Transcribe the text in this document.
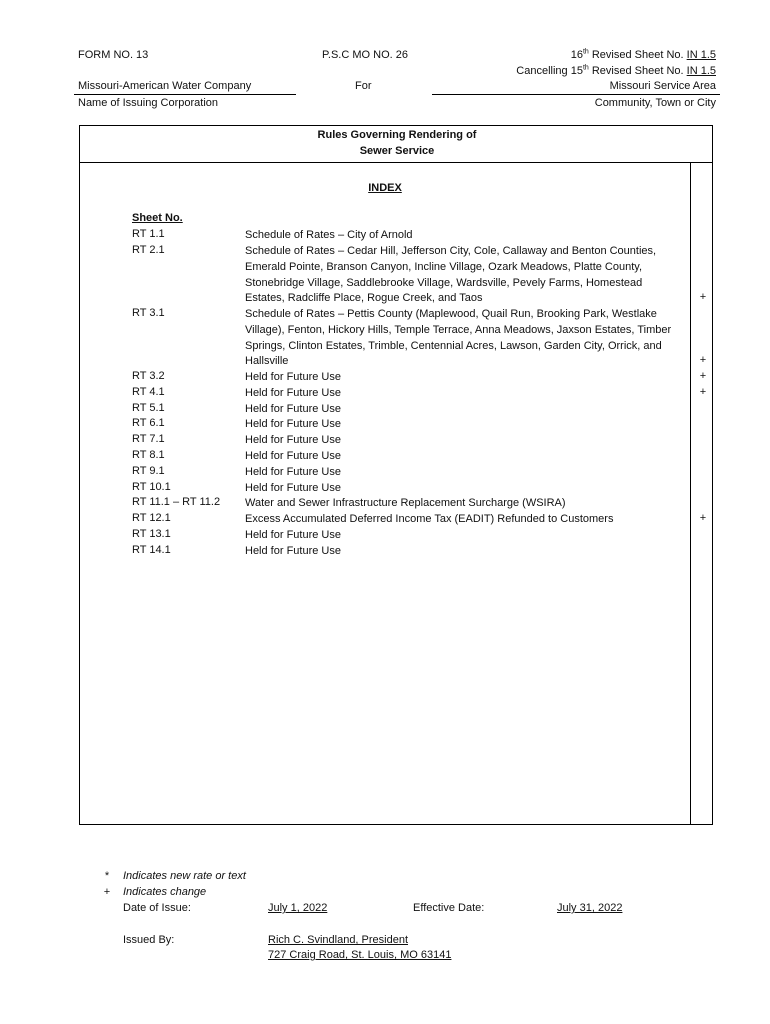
FORM NO. 13	P.S.C MO NO. 26	16th Revised Sheet No. IN 1.5
Cancelling 15th Revised Sheet No. IN 1.5
Missouri-American Water Company	For	Missouri Service Area
Name of Issuing Corporation	Community, Town or City
Rules Governing Rendering of
Sewer Service
INDEX
Sheet No.
RT 1.1	Schedule of Rates – City of Arnold
RT 2.1	Schedule of Rates – Cedar Hill, Jefferson City, Cole, Callaway and Benton Counties, Emerald Pointe, Branson Canyon, Incline Village, Ozark Meadows, Platte County, Stonebridge Village, Saddlebrooke Village, Wardsville, Pevely Farms, Homestead Estates, Radcliffe Place, Rogue Creek, and Taos	+
RT 3.1	Schedule of Rates – Pettis County (Maplewood, Quail Run, Brooking Park, Westlake Village), Fenton, Hickory Hills, Temple Terrace, Anna Meadows, Jaxson Estates, Timber Springs, Clinton Estates, Trimble, Centennial Acres, Lawson, Garden City, Orrick, and Hallsville	+
RT 3.2	Held for Future Use	+
RT 4.1	Held for Future Use	+
RT 5.1	Held for Future Use
RT 6.1	Held for Future Use
RT 7.1	Held for Future Use
RT 8.1	Held for Future Use
RT 9.1	Held for Future Use
RT 10.1	Held for Future Use
RT 11.1 – RT 11.2 Water and Sewer Infrastructure Replacement Surcharge (WSIRA)
RT 12.1	Excess Accumulated Deferred Income Tax (EADIT) Refunded to Customers	+
RT 13.1	Held for Future Use
RT 14.1	Held for Future Use
* Indicates new rate or text
+ Indicates change
Date of Issue:	July 1, 2022	Effective Date:	July 31, 2022
Issued By:	Rich C. Svindland, President
727 Craig Road, St. Louis, MO 63141
